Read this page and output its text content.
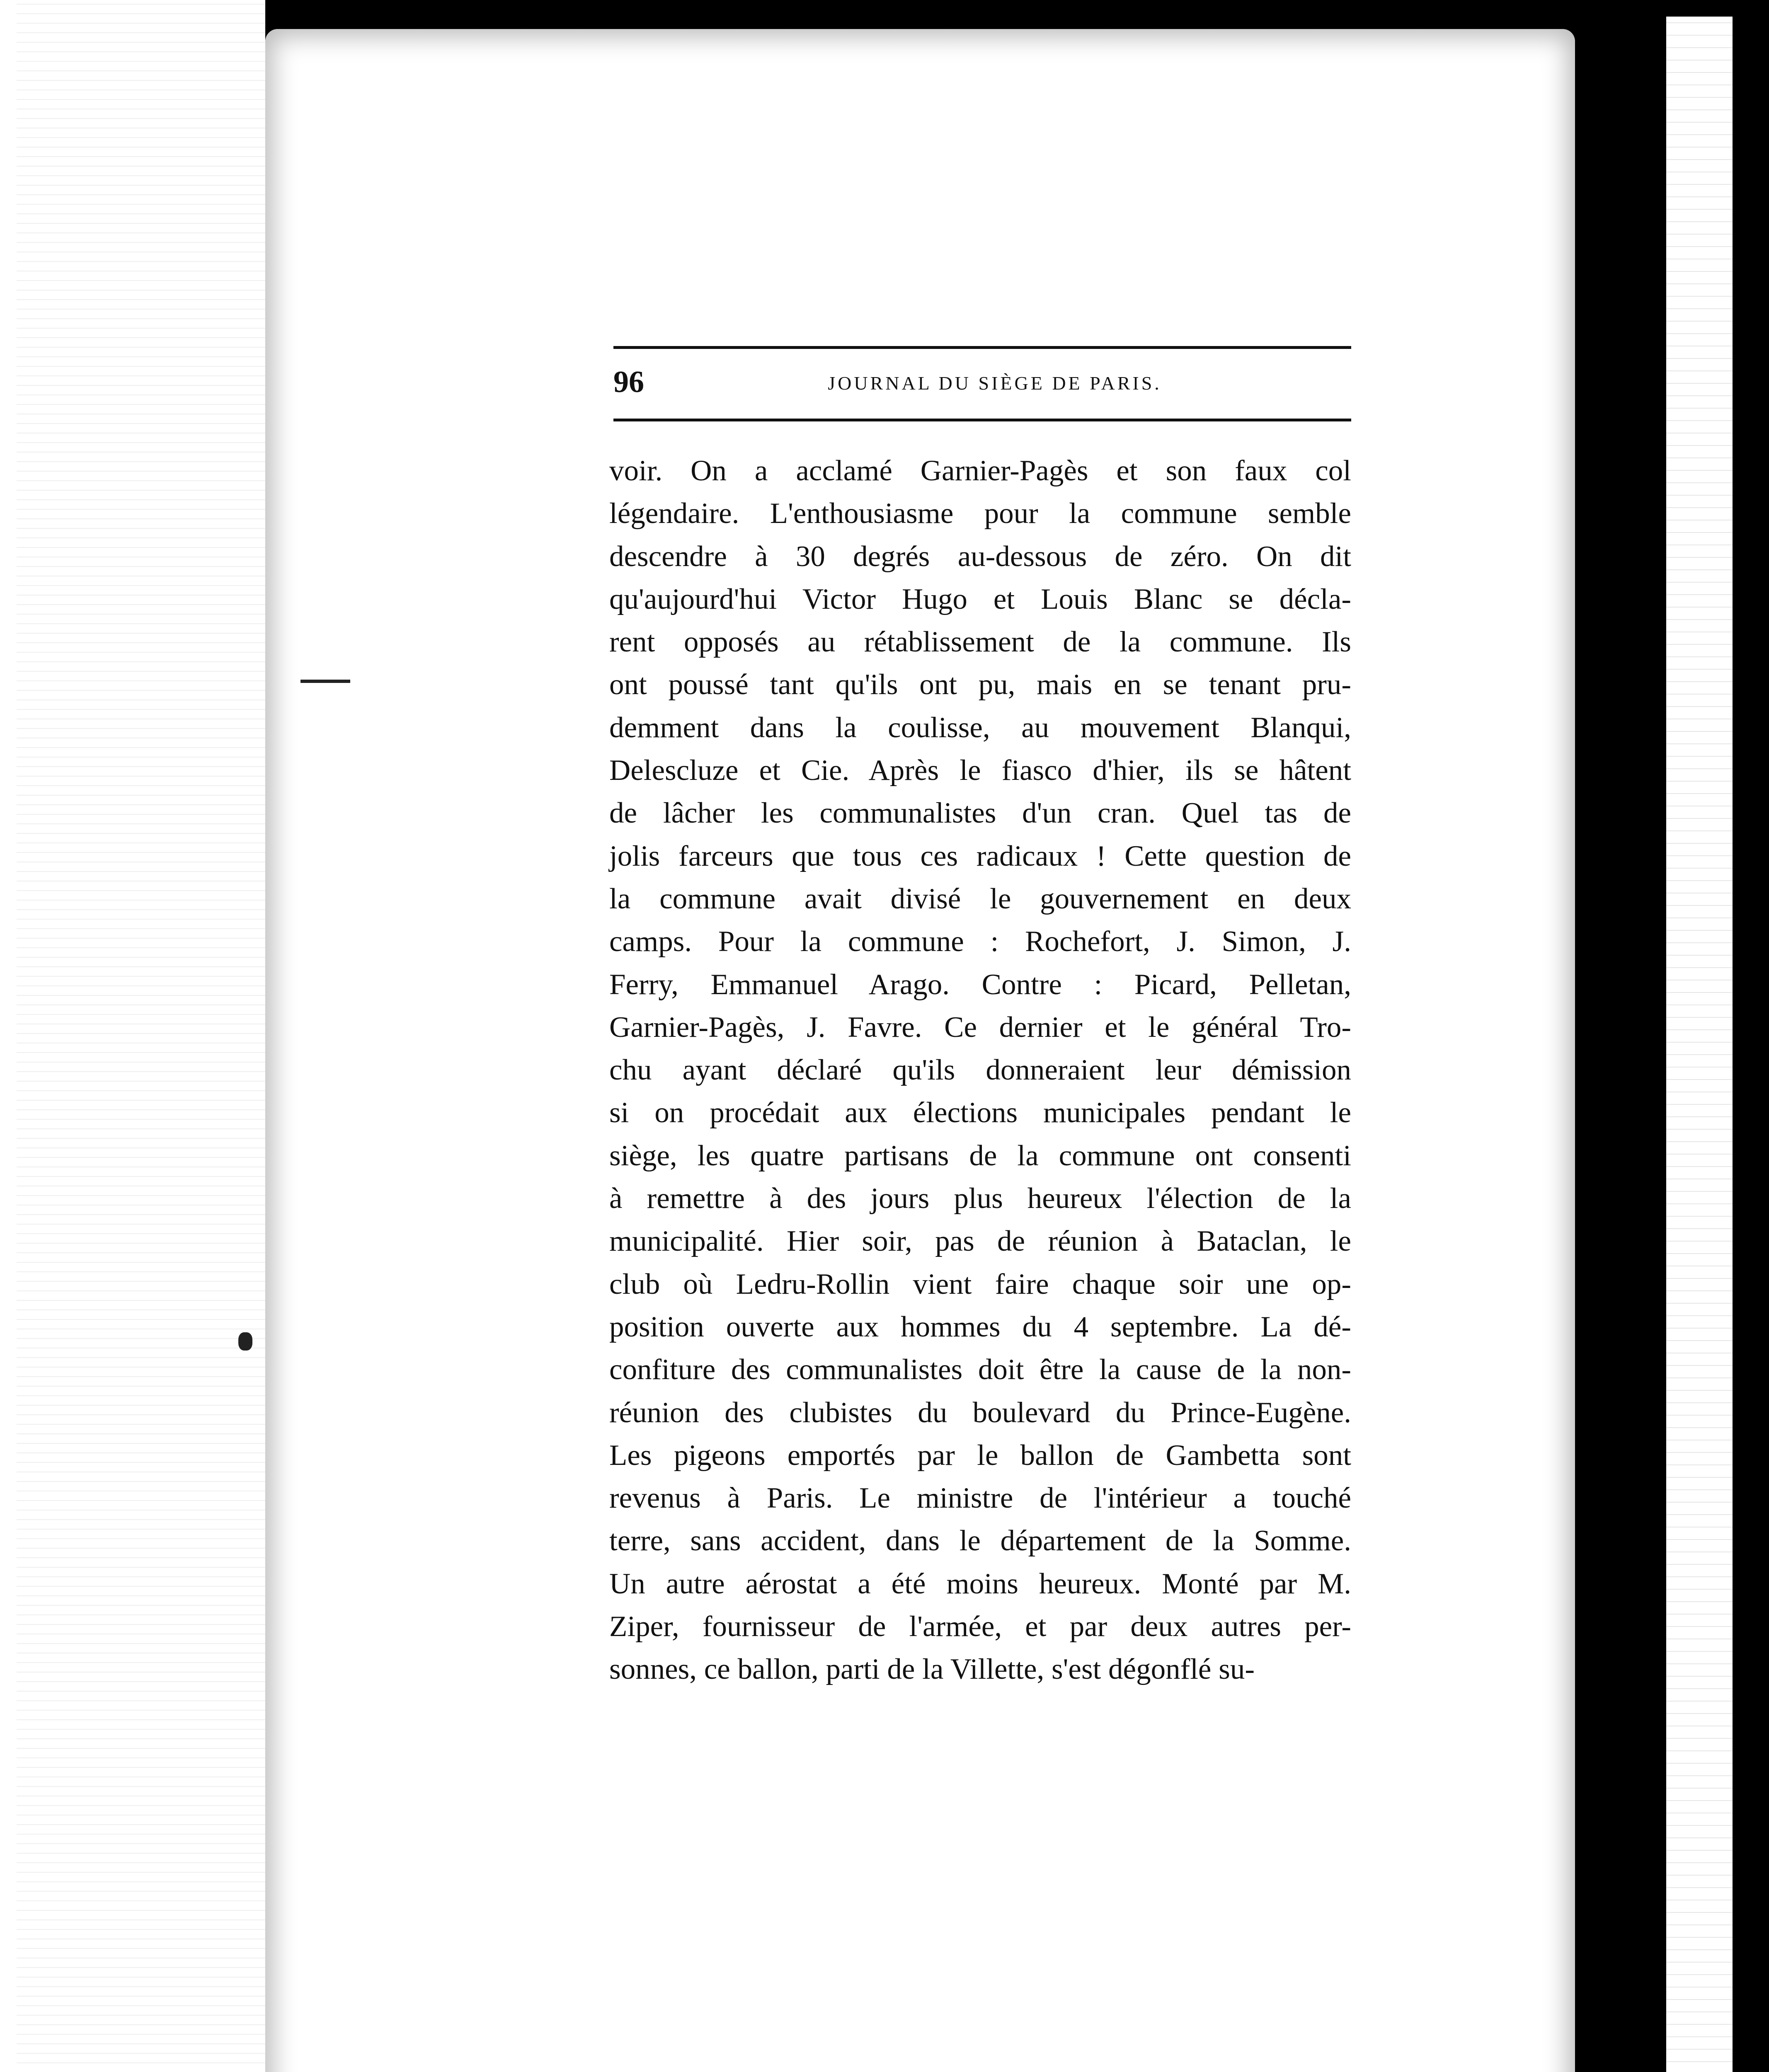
96	JOURNAL DU SIÈGE DE PARIS.
voir. On a acclamé Garnier-Pagès et son faux col
légendaire. L'enthousiasme pour la commune semble
descendre à 30 degrés au-dessous de zéro. On dit
qu'aujourd'hui Victor Hugo et Louis Blanc se décla-
rent opposés au rétablissement de la commune. Ils
ont poussé tant qu'ils ont pu, mais en se tenant pru-
demment dans la coulisse, au mouvement Blanqui,
Delescluze et Cie. Après le fiasco d'hier, ils se hâtent
de lâcher les communalistes d'un cran. Quel tas de
jolis farceurs que tous ces radicaux ! Cette question de
la commune avait divisé le gouvernement en deux
camps. Pour la commune : Rochefort, J. Simon, J.
Ferry, Emmanuel Arago. Contre : Picard, Pelletan,
Garnier-Pagès, J. Favre. Ce dernier et le général Tro-
chu ayant déclaré qu'ils donneraient leur démission
si on procédait aux élections municipales pendant le
siège, les quatre partisans de la commune ont consenti
à remettre à des jours plus heureux l'élection de la
municipalité. Hier soir, pas de réunion à Bataclan, le
club où Ledru-Rollin vient faire chaque soir une op-
position ouverte aux hommes du 4 septembre. La dé-
confiture des communalistes doit être la cause de la non-
réunion des clubistes du boulevard du Prince-Eugène.
Les pigeons emportés par le ballon de Gambetta sont
revenus à Paris. Le ministre de l'intérieur a touché
terre, sans accident, dans le département de la Somme.
Un autre aérostat a été moins heureux. Monté par M.
Ziper, fournisseur de l'armée, et par deux autres per-
sonnes, ce ballon, parti de la Villette, s'est dégonflé su-
